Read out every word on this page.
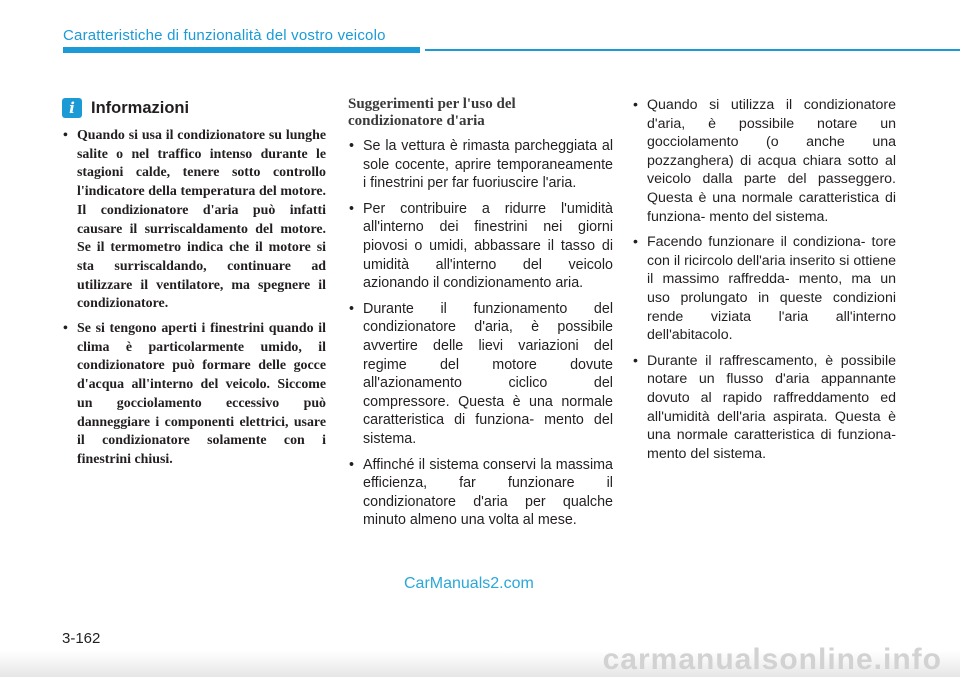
Caratteristiche di funzionalità del vostro veicolo
i Informazioni
• Quando si usa il condizionatore su lunghe salite o nel traffico intenso durante le stagioni calde, tenere sotto controllo l'indicatore della temperatura del motore. Il condizionatore d'aria può infatti causare il surriscaldamento del motore. Se il termometro indica che il motore si sta surriscaldando, continuare ad utilizzare il ventilatore, ma spegnere il condizionatore.
• Se si tengono aperti i finestrini quando il clima è particolarmente umido, il condizionatore può formare delle gocce d'acqua all'interno del veicolo. Siccome un gocciolamento eccessivo può danneggiare i componenti elettrici, usare il condizionatore solamente con i finestrini chiusi.
Suggerimenti per l'uso del
condizionatore d'aria
• Se la vettura è rimasta parcheggiata al sole cocente, aprire temporaneamente i finestrini per far fuoriuscire l'aria.
• Per contribuire a ridurre l'umidità all'interno dei finestrini nei giorni piovosi o umidi, abbassare il tasso di umidità all'interno del veicolo azionando il condizionamento aria.
• Durante il funzionamento del condizionatore d'aria, è possibile avvertire delle lievi variazioni del regime del motore dovute all'azionamento ciclico del compressore. Questa è una normale caratteristica di funziona- mento del sistema.
• Affinché il sistema conservi la massima efficienza, far funzionare il condizionatore d'aria per qualche minuto almeno una volta al mese.
• Quando si utilizza il condizionatore d'aria, è possibile notare un gocciolamento (o anche una pozzanghera) di acqua chiara sotto al veicolo dalla parte del passeggero. Questa è una normale caratteristica di funziona- mento del sistema.
• Facendo funzionare il condiziona- tore con il ricircolo dell'aria inserito si ottiene il massimo raffredda- mento, ma un uso prolungato in queste condizioni rende viziata l'aria all'interno dell'abitacolo.
• Durante il raffrescamento, è possibile notare un flusso d'aria appannante dovuto al rapido raffreddamento ed all'umidità dell'aria aspirata. Questa è una normale caratteristica di funziona- mento del sistema.
CarManuals2.com
3-162
carmanualsonline.info
